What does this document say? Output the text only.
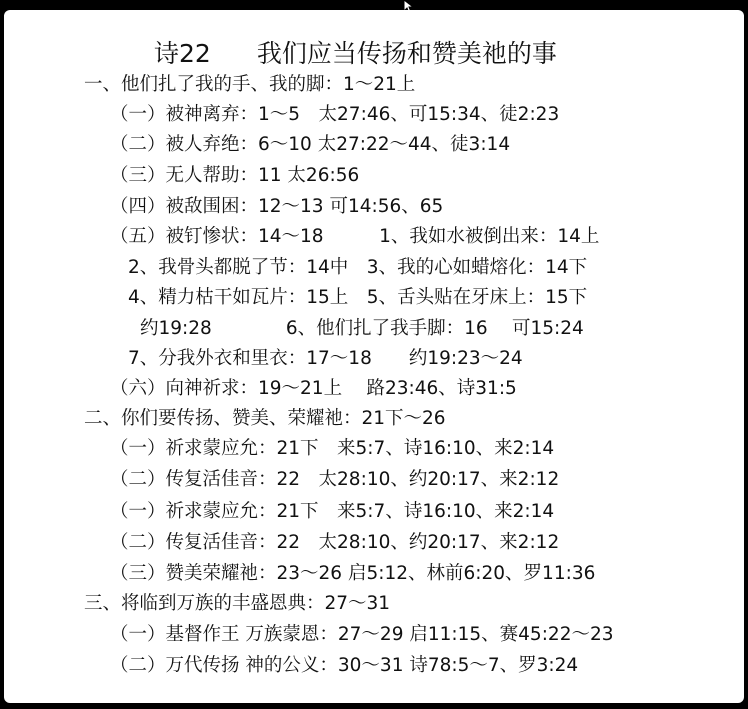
诗22 我们应当传扬和赞美祂的事
一、他们扎了我的手、我的脚：1～21上
（一）被神离弃：1～5　太27:46、可15:34、徒2:23
（二）被人弃绝：6～10 太27:22～44、徒3:14
（三）无人帮助：11 太26:56
（四）被敌围困：12～13 可14:56、65
（五）被钉惨状：14～18　　　1、我如水被倒出来：14上
2、我骨头都脱了节：14中　3、我的心如蜡熔化：14下
4、精力枯干如瓦片：15上　5、舌头贴在牙床上：15下
约19:28　　　　6、他们扎了我手脚：16　 可15:24
7、分我外衣和里衣：17～18　　约19:23～24
（六）向神祈求：19～21上　 路23:46、诗31:5
二、你们要传扬、赞美、荣耀祂：21下～26
（一）祈求蒙应允：21下　来5:7、诗16:10、来2:14
（二）传复活佳音：22　太28:10、约20:17、来2:12
（一）祈求蒙应允：21下　来5:7、诗16:10、来2:14
（二）传复活佳音：22　太28:10、约20:17、来2:12
（三）赞美荣耀祂：23～26 启5:12、林前6:20、罗11:36
三、将临到万族的丰盛恩典：27～31
（一）基督作王 万族蒙恩：27～29 启11:15、赛45:22～23
（二）万代传扬 神的公义：30～31 诗78:5～7、罗3:24
